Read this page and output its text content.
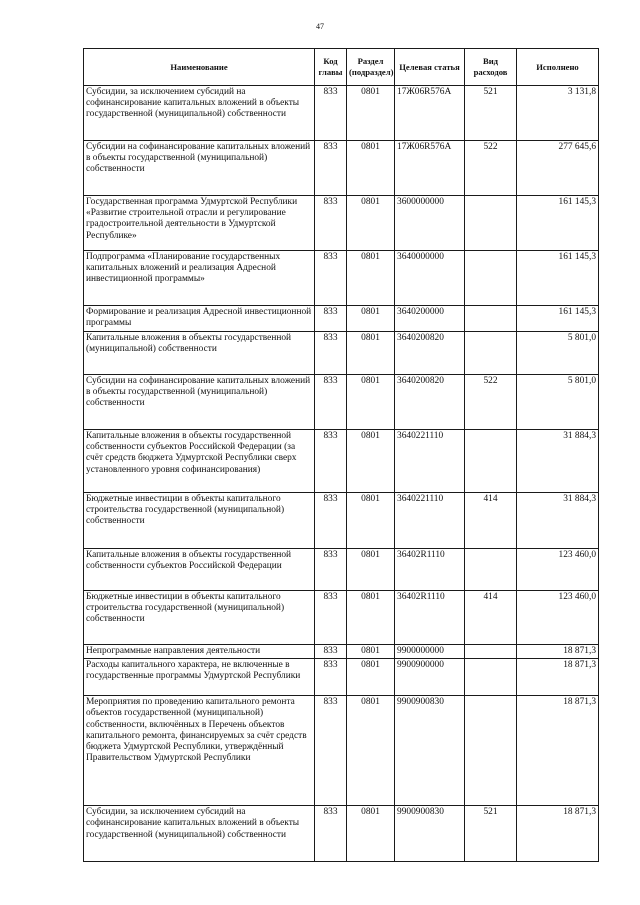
47
Наименование	Код главы	Раздел (подраздел)	Целевая статья	Вид расходов	Исполнено
Субсидии, за исключением субсидий на софинансирование капитальных вложений в объекты государственной (муниципальной) собственности	833	0801	17Ж06R576A	521	3 131,8
Субсидии на софинансирование капитальных вложений в объекты государственной (муниципальной) собственности	833	0801	17Ж06R576A	522	277 645,6
Государственная программа Удмуртской Республики «Развитие строительной отрасли и регулирование градостроительной деятельности в Удмуртской Республике»	833	0801	3600000000		161 145,3
Подпрограмма «Планирование государственных капитальных вложений и реализация Адресной инвестиционной программы»	833	0801	3640000000		161 145,3
Формирование и реализация Адресной инвестиционной программы	833	0801	3640200000		161 145,3
Капитальные вложения в объекты государственной (муниципальной) собственности	833	0801	3640200820		5 801,0
Субсидии на софинансирование капитальных вложений в объекты государственной (муниципальной) собственности	833	0801	3640200820	522	5 801,0
Капитальные вложения в объекты государственной собственности субъектов Российской Федерации (за счёт средств бюджета Удмуртской Республики сверх установленного уровня софинансирования)	833	0801	3640221110		31 884,3
Бюджетные инвестиции в объекты капитального строительства государственной (муниципальной) собственности	833	0801	3640221110	414	31 884,3
Капитальные вложения в объекты государственной собственности субъектов Российской Федерации	833	0801	36402R1110		123 460,0
Бюджетные инвестиции в объекты капитального строительства государственной (муниципальной) собственности	833	0801	36402R1110	414	123 460,0
Непрограммные направления деятельности	833	0801	9900000000		18 871,3
Расходы капитального характера, не включенные в государственные программы Удмуртской Республики	833	0801	9900900000		18 871,3
Мероприятия по проведению капитального ремонта объектов государственной (муниципальной) собственности, включённых в Перечень объектов капитального ремонта, финансируемых за счёт средств бюджета Удмуртской Республики, утверждённый Правительством Удмуртской Республики	833	0801	9900900830		18 871,3
Субсидии, за исключением субсидий на софинансирование капитальных вложений в объекты государственной (муниципальной) собственности	833	0801	9900900830	521	18 871,3
